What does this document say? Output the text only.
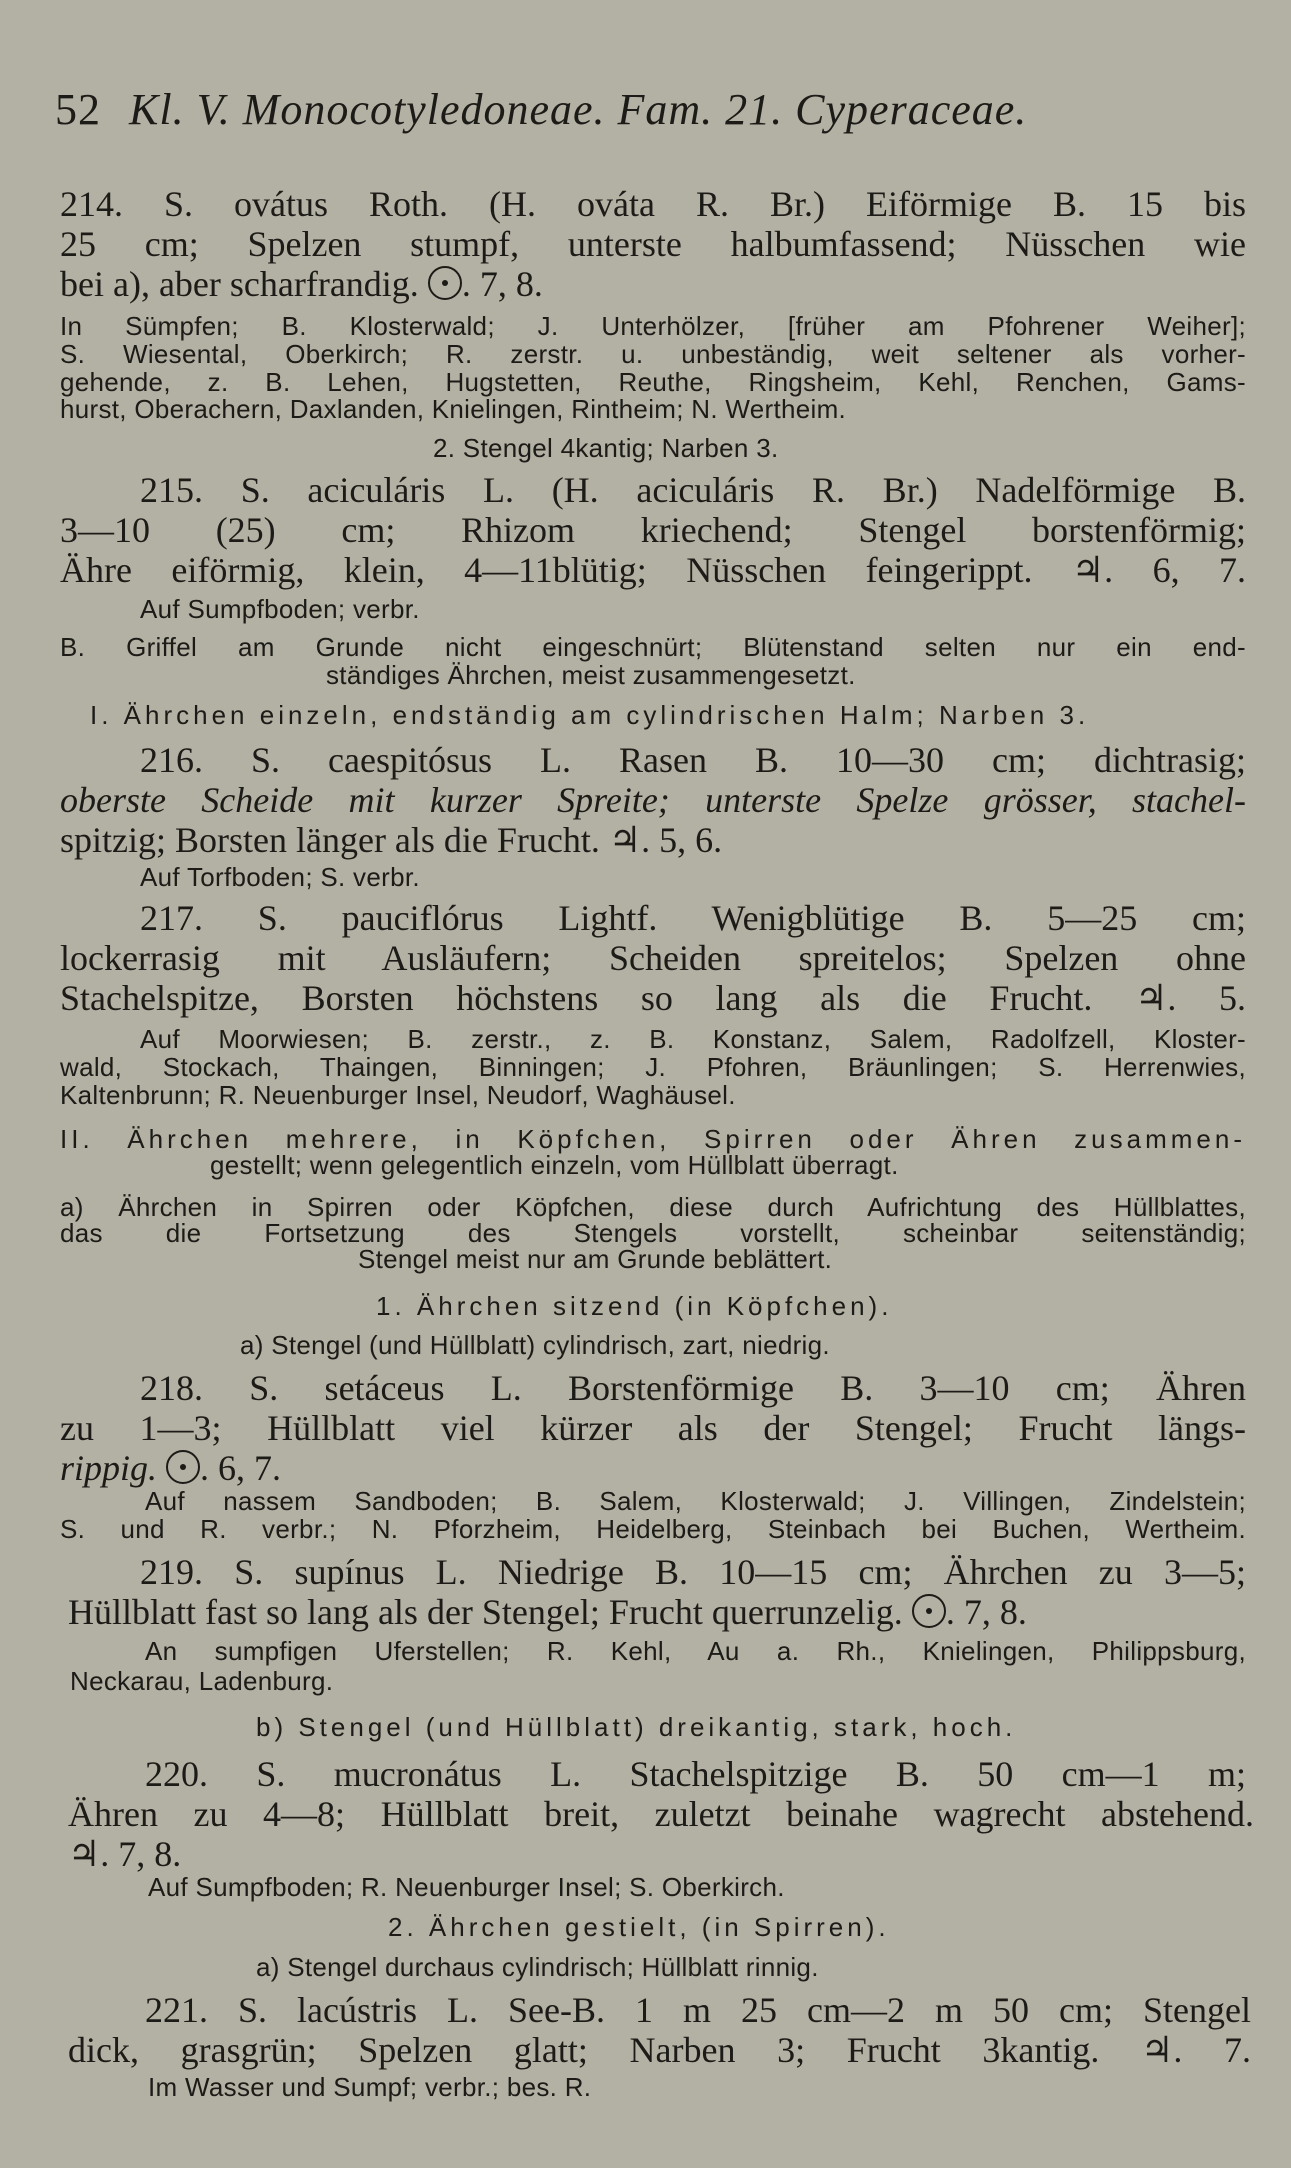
52 Kl. V. Monocotyledoneae. Fam. 21. Cyperaceae.
214. S. ovátus Roth. (H. ováta R. Br.) Eiförmige B. 15 bis
25 cm; Spelzen stumpf, unterste halbumfassend; Nüsschen wie
bei a), aber scharfrandig. . 7, 8.
In Sümpfen; B. Klosterwald; J. Unterhölzer, [früher am Pfohrener Weiher];
S. Wiesental, Oberkirch; R. zerstr. u. unbeständig, weit seltener als vorher-
gehende, z. B. Lehen, Hugstetten, Reuthe, Ringsheim, Kehl, Renchen, Gams-
hurst, Oberachern, Daxlanden, Knielingen, Rintheim; N. Wertheim.
2. Stengel 4kantig; Narben 3.
215. S. aciculáris L. (H. aciculáris R. Br.) Nadelförmige B.
3—10 (25) cm; Rhizom kriechend; Stengel borstenförmig;
Ähre eiförmig, klein, 4—11blütig; Nüsschen feingerippt. ♃. 6, 7.
Auf Sumpfboden; verbr.
B. Griffel am Grunde nicht eingeschnürt; Blütenstand selten nur ein end-
ständiges Ährchen, meist zusammengesetzt.
I. Ährchen einzeln, endständig am cylindrischen Halm; Narben 3.
216. S. caespitósus L. Rasen B. 10—30 cm; dichtrasig;
oberste Scheide mit kurzer Spreite; unterste Spelze grösser, stachel-
spitzig; Borsten länger als die Frucht. ♃. 5, 6.
Auf Torfboden; S. verbr.
217. S. pauciflórus Lightf. Wenigblütige B. 5—25 cm;
lockerrasig mit Ausläufern; Scheiden spreitelos; Spelzen ohne
Stachelspitze, Borsten höchstens so lang als die Frucht. ♃. 5.
Auf Moorwiesen; B. zerstr., z. B. Konstanz, Salem, Radolfzell, Kloster-
wald, Stockach, Thaingen, Binningen; J. Pfohren, Bräunlingen; S. Herrenwies,
Kaltenbrunn; R. Neuenburger Insel, Neudorf, Waghäusel.
II. Ährchen mehrere, in Köpfchen, Spirren oder Ähren zusammen-
gestellt; wenn gelegentlich einzeln, vom Hüllblatt überragt.
a) Ährchen in Spirren oder Köpfchen, diese durch Aufrichtung des Hüllblattes,
das die Fortsetzung des Stengels vorstellt, scheinbar seitenständig;
Stengel meist nur am Grunde beblättert.
1. Ährchen sitzend (in Köpfchen).
a) Stengel (und Hüllblatt) cylindrisch, zart, niedrig.
218. S. setáceus L. Borstenförmige B. 3—10 cm; Ähren
zu 1—3; Hüllblatt viel kürzer als der Stengel; Frucht längs-
rippig. . 6, 7.
Auf nassem Sandboden; B. Salem, Klosterwald; J. Villingen, Zindelstein;
S. und R. verbr.; N. Pforzheim, Heidelberg, Steinbach bei Buchen, Wertheim.
219. S. supínus L. Niedrige B. 10—15 cm; Ährchen zu 3—5;
Hüllblatt fast so lang als der Stengel; Frucht querrunzelig. . 7, 8.
An sumpfigen Uferstellen; R. Kehl, Au a. Rh., Knielingen, Philippsburg,
Neckarau, Ladenburg.
b) Stengel (und Hüllblatt) dreikantig, stark, hoch.
220. S. mucronátus L. Stachelspitzige B. 50 cm—1 m;
Ähren zu 4—8; Hüllblatt breit, zuletzt beinahe wagrecht abstehend.
♃. 7, 8.
Auf Sumpfboden; R. Neuenburger Insel; S. Oberkirch.
2. Ährchen gestielt, (in Spirren).
a) Stengel durchaus cylindrisch; Hüllblatt rinnig.
221. S. lacústris L. See-B. 1 m 25 cm—2 m 50 cm; Stengel
dick, grasgrün; Spelzen glatt; Narben 3; Frucht 3kantig. ♃. 7.
Im Wasser und Sumpf; verbr.; bes. R.
